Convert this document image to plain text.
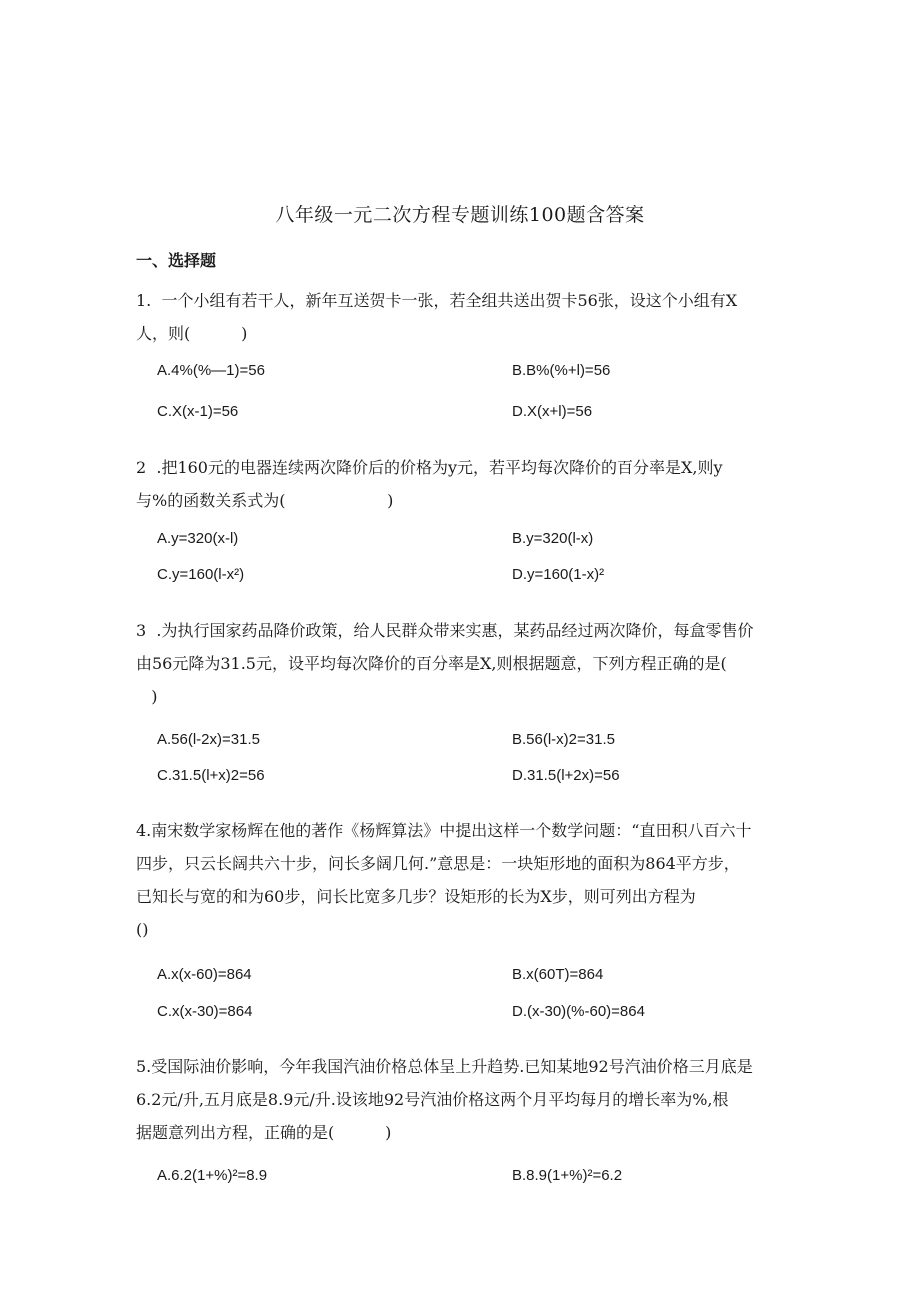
八年级一元二次方程专题训练100题含答案
一、选择题
1.  一个小组有若干人，新年互送贺卡一张，若全组共送出贺卡56张，设这个小组有X
人，则(          )
A.4%(%—1)=56	B.B%(%+l)=56
C.X(x-1)=56	D.X(x+l)=56
2  .把160元的电器连续两次降价后的价格为y元，若平均每次降价的百分率是X,则y
与%的函数关系式为(                    )
A.y=320(x-l)	B.y=320(l-x)
C.y=160(l-x²)	D.y=160(1-x)²
3  .为执行国家药品降价政策，给人民群众带来实惠，某药品经过两次降价，每盒零售价
由56元降为31.5元，设平均每次降价的百分率是X,则根据题意，下列方程正确的是(
)
A.56(l-2x)=31.5	B.56(l-x)2=31.5
C.31.5(l+x)2=56	D.31.5(l+2x)=56
4.南宋数学家杨辉在他的著作《杨辉算法》中提出这样一个数学问题：“直田积八百六十
四步，只云长阔共六十步，问长多阔几何.”意思是：一块矩形地的面积为864平方步，
已知长与宽的和为60步，问长比宽多几步？设矩形的长为X步，则可列出方程为
()
A.x(x-60)=864	B.x(60T)=864
C.x(x-30)=864	D.(x-30)(%-60)=864
5.受国际油价影响，今年我国汽油价格总体呈上升趋势.已知某地92号汽油价格三月底是
6.2元/升,五月底是8.9元/升.设该地92号汽油价格这两个月平均每月的增长率为%,根
据题意列出方程，正确的是(          )
A.6.2(1+%)²=8.9	B.8.9(1+%)²=6.2
